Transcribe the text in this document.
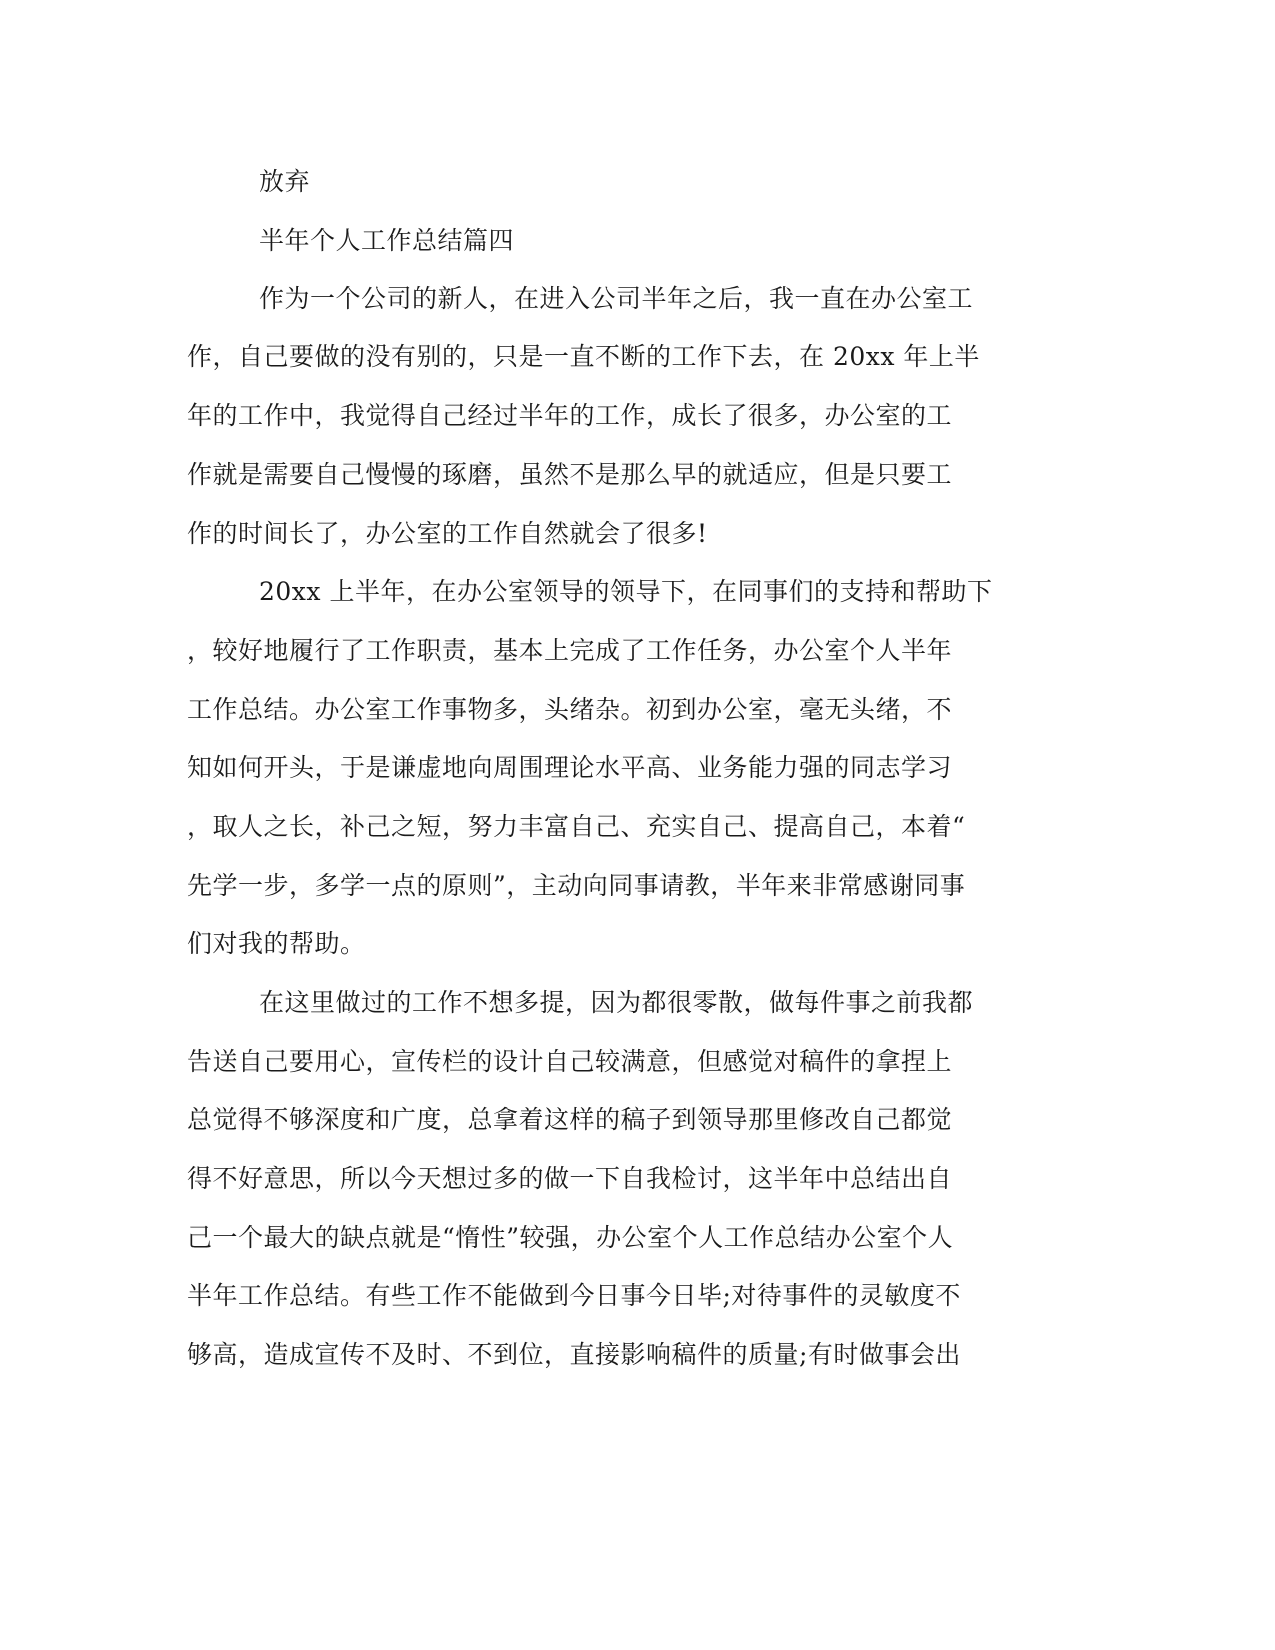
放弃
半年个人工作总结篇四
作为一个公司的新人，在进入公司半年之后，我一直在办公室工
作，自己要做的没有别的，只是一直不断的工作下去，在 20xx 年上半
年的工作中，我觉得自己经过半年的工作，成长了很多，办公室的工
作就是需要自己慢慢的琢磨，虽然不是那么早的就适应，但是只要工
作的时间长了，办公室的工作自然就会了很多!
20xx 上半年，在办公室领导的领导下，在同事们的支持和帮助下
，较好地履行了工作职责，基本上完成了工作任务，办公室个人半年
工作总结。办公室工作事物多，头绪杂。初到办公室，毫无头绪，不
知如何开头，于是谦虚地向周围理论水平高、业务能力强的同志学习
，取人之长，补己之短，努力丰富自己、充实自己、提高自己，本着“
先学一步，多学一点的原则”，主动向同事请教，半年来非常感谢同事
们对我的帮助。
在这里做过的工作不想多提，因为都很零散，做每件事之前我都
告送自己要用心，宣传栏的设计自己较满意，但感觉对稿件的拿捏上
总觉得不够深度和广度，总拿着这样的稿子到领导那里修改自己都觉
得不好意思，所以今天想过多的做一下自我检讨，这半年中总结出自
己一个最大的缺点就是“惰性”较强，办公室个人工作总结办公室个人
半年工作总结。有些工作不能做到今日事今日毕;对待事件的灵敏度不
够高，造成宣传不及时、不到位，直接影响稿件的质量;有时做事会出
